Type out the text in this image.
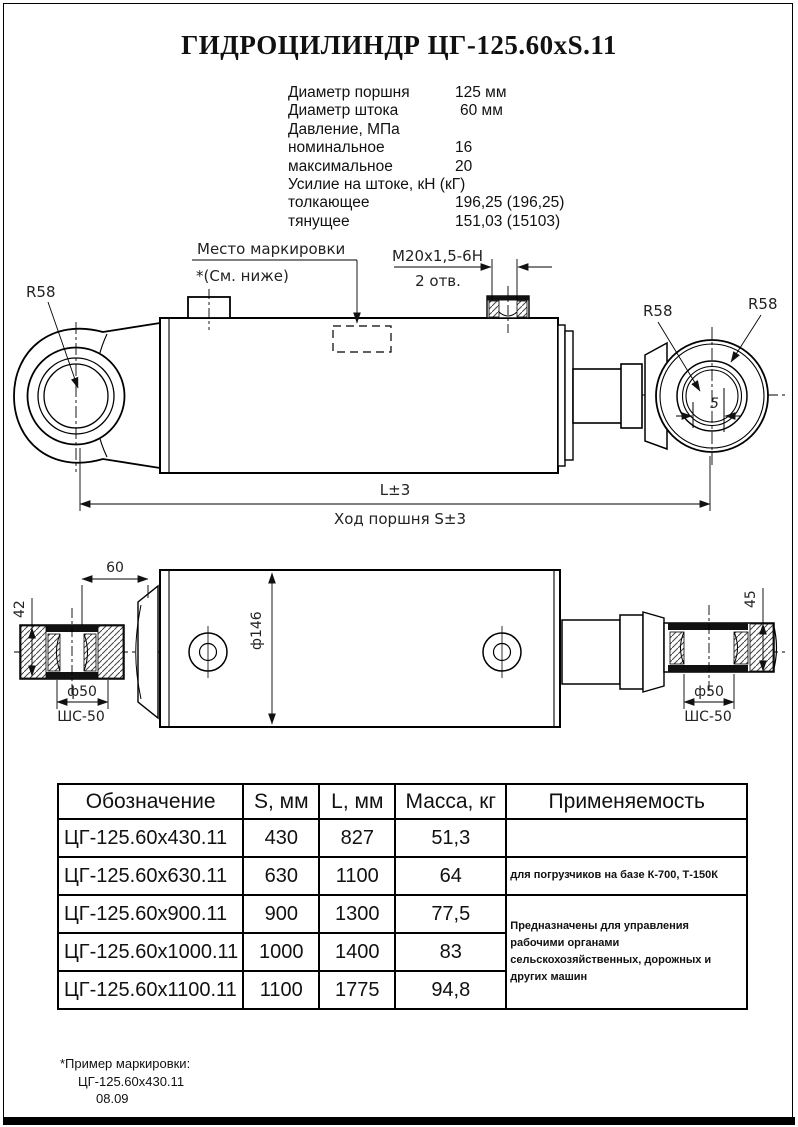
ГИДРОЦИЛИНДР ЦГ-125.60xS.11
Диаметр поршня	125 мм
Диаметр штока	60 мм
Давление, МПа
номинальное	16
максимальное	20
Усилие на штоке, кН (кГ)
толкающее	196,25 (196,25)
тянущее	151,03 (15103)
5
R58
R58	R58
Место маркировки
*(См. ниже)
M20x1,5-6H
2 отв.
L±3
Ход поршня S±3
60
42
ф50
ШС-50
ф146
45
ф50
ШС-50
Обозначение	S, мм	L, мм	Масса, кг	Применяемость
ЦГ-125.60х430.11	430	827	51,3	
ЦГ-125.60х630.11	630	1100	64	для погрузчиков на базе К-700, Т-150К
ЦГ-125.60х900.11	900	1300	77,5	Предназначены для управления рабочими органами сельскохозяйственных, дорожных и других машин
ЦГ-125.60х1000.11	1000	1400	83	
ЦГ-125.60х1100.11	1100	1775	94,8	
*Пример маркировки:
ЦГ-125.60х430.11
08.09
